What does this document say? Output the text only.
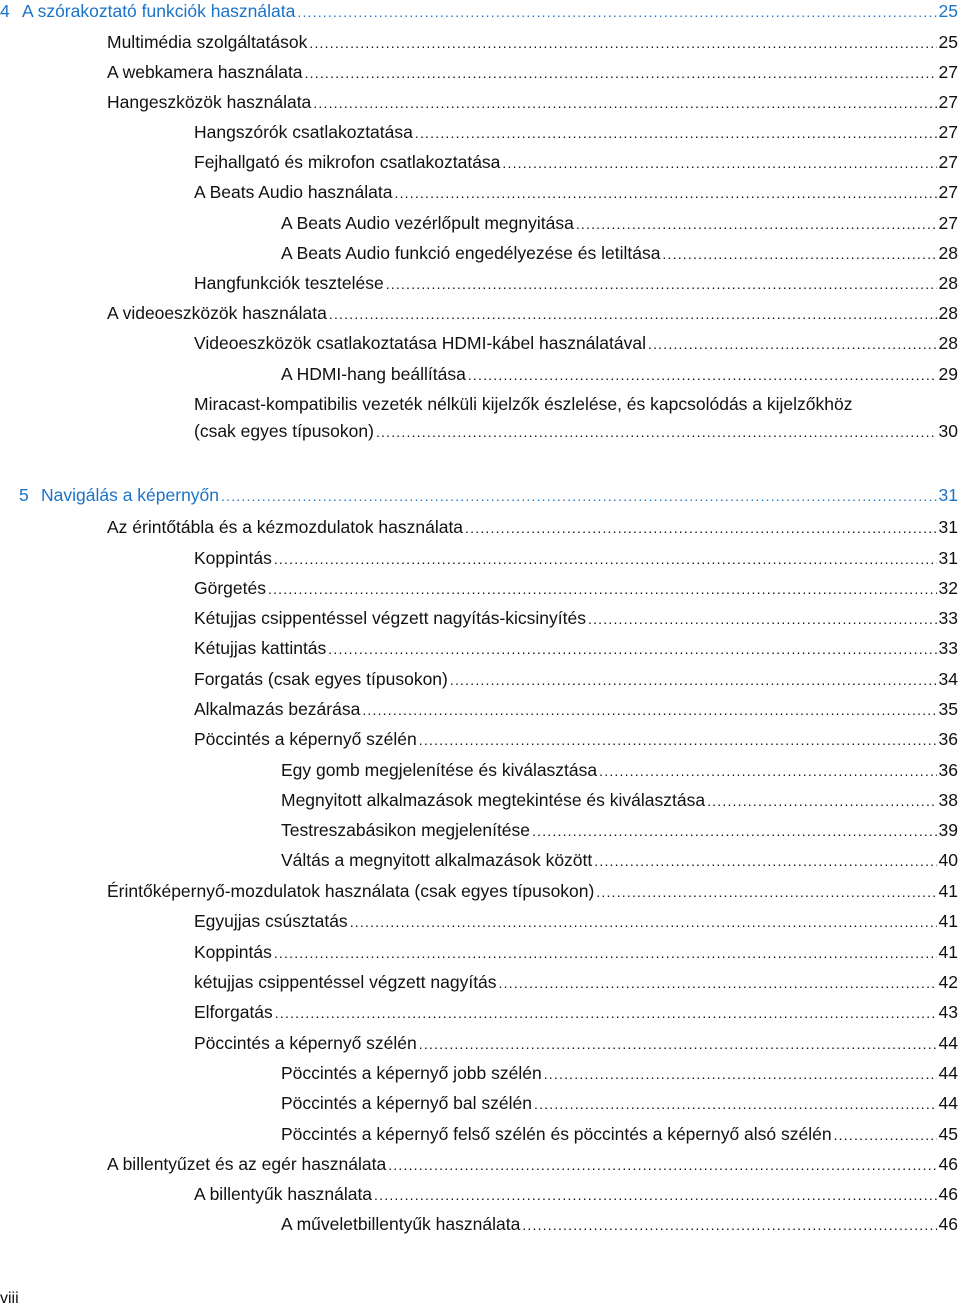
4 A szórakoztató funkciók használata .....	25
Multimédia szolgáltatások .....	25
A webkamera használata .....	27
Hangeszközök használata .....	27
Hangszórók csatlakoztatása .....	27
Fejhallgató és mikrofon csatlakoztatása .....	27
A Beats Audio használata .....	27
A Beats Audio vezérlőpult megnyitása .....	27
A Beats Audio funkció engedélyezése és letiltása .....	28
Hangfunkciók tesztelése .....	28
A videoeszközök használata .....	28
Videoeszközök csatlakoztatása HDMI-kábel használatával .....	28
A HDMI-hang beállítása .....	29
Miracast-kompatibilis vezeték nélküli kijelzők észlelése, és kapcsolódás a kijelzőkhöz
(csak egyes típusokon) .....	30
5 Navigálás a képernyőn .....	31
Az érintőtábla és a kézmozdulatok használata .....	31
Koppintás .....	31
Görgetés .....	32
Kétujjas csippentéssel végzett nagyítás-kicsinyítés .....	33
Kétujjas kattintás .....	33
Forgatás (csak egyes típusokon) .....	34
Alkalmazás bezárása .....	35
Pöccintés a képernyő szélén .....	36
Egy gomb megjelenítése és kiválasztása .....	36
Megnyitott alkalmazások megtekintése és kiválasztása .....	38
Testreszabásikon megjelenítése .....	39
Váltás a megnyitott alkalmazások között .....	40
Érintőképernyő-mozdulatok használata (csak egyes típusokon) .....	41
Egyujjas csúsztatás .....	41
Koppintás .....	41
kétujjas csippentéssel végzett nagyítás .....	42
Elforgatás .....	43
Pöccintés a képernyő szélén .....	44
Pöccintés a képernyő jobb szélén .....	44
Pöccintés a képernyő bal szélén .....	44
Pöccintés a képernyő felső szélén és pöccintés a képernyő alsó szélén .....	45
A billentyűzet és az egér használata .....	46
A billentyűk használata .....	46
A műveletbillentyűk használata .....	46
viii
